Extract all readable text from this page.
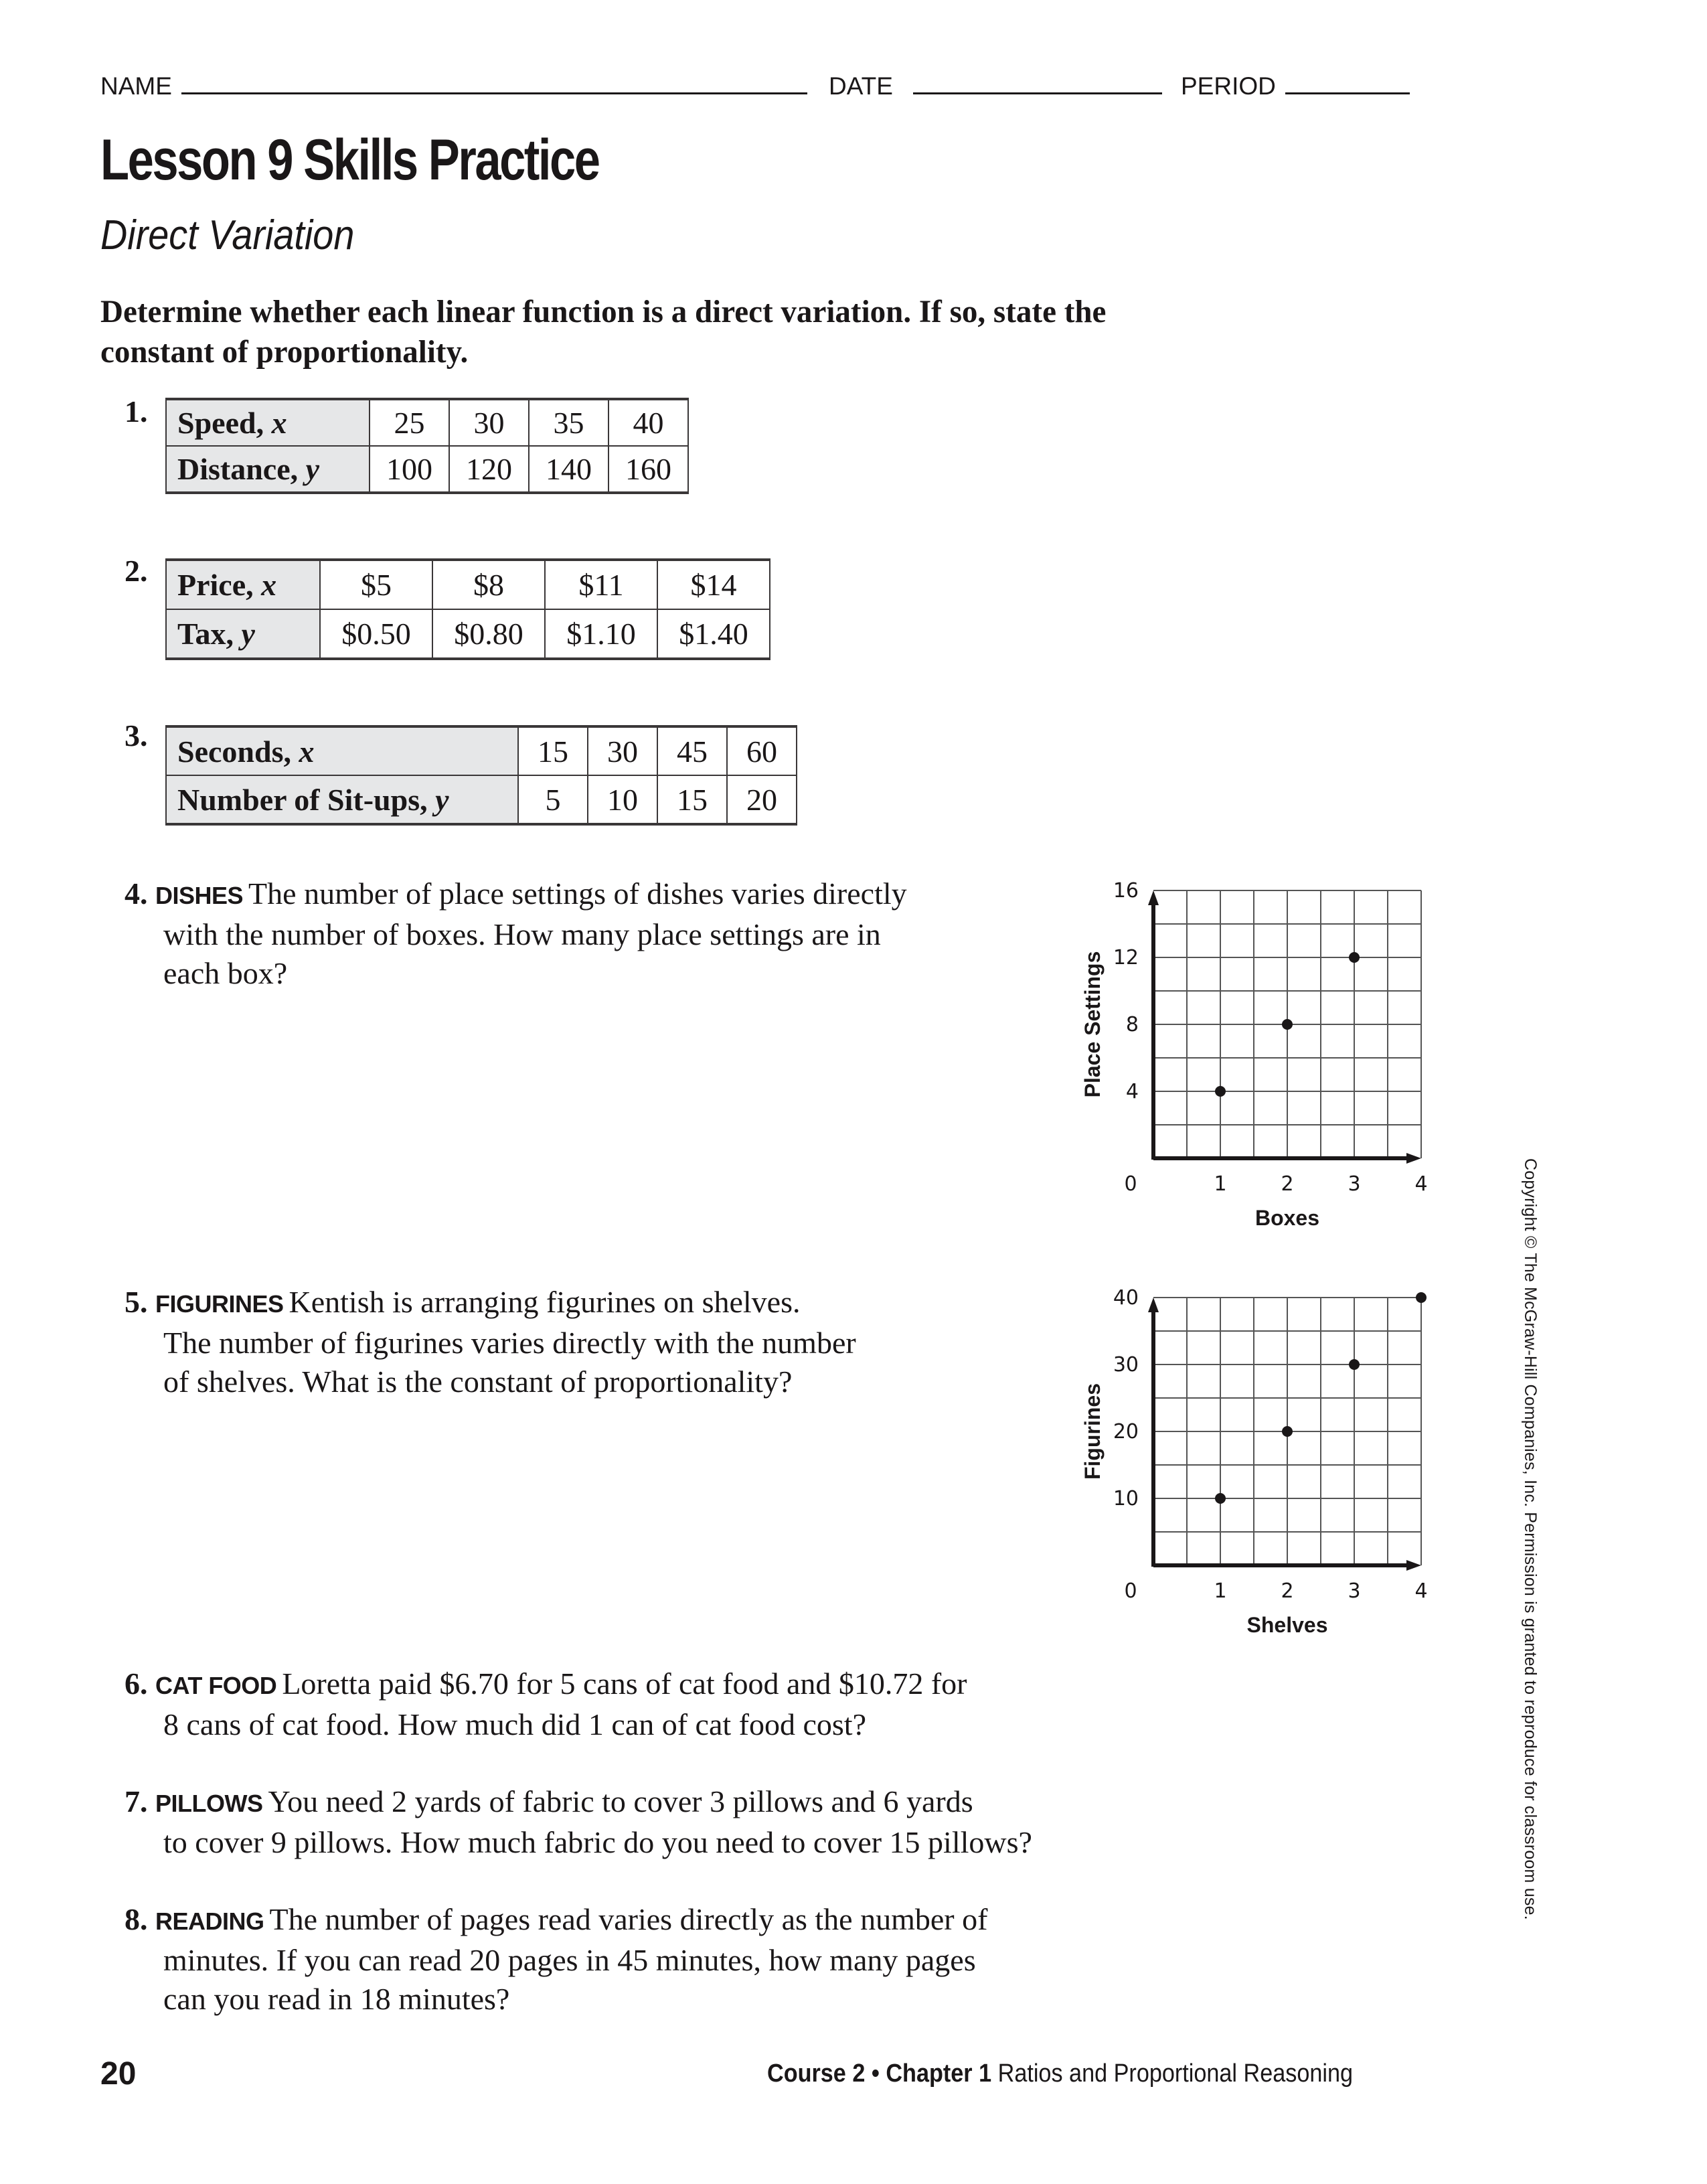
NAME	DATE	PERIOD
Lesson 9 Skills Practice
Direct Variation
Determine whether each linear function is a direct variation. If so, state the constant of proportionality.
1. Speed, x	25	30	35	40
Distance, y	100	120	140	160
2. Price, x	$5	$8	$11	$14
Tax, y	$0.50	$0.80	$1.10	$1.40
3. Seconds, x	15	30	45	60
Number of Sit-ups, y	5	10	15	20
4. DISHES The number of place settings of dishes varies directly
with the number of boxes. How many place settings are in
each box?
5. FIGURINES Kentish is arranging figurines on shelves.
The number of figurines varies directly with the number
of shelves. What is the constant of proportionality?
6. CAT FOOD Loretta paid $6.70 for 5 cans of cat food and $10.72 for
8 cans of cat food. How much did 1 can of cat food cost?
7. PILLOWS You need 2 yards of fabric to cover 3 pillows and 6 yards
to cover 9 pillows. How much fabric do you need to cover 15 pillows?
8. READING The number of pages read varies directly as the number of
minutes. If you can read 20 pages in 45 minutes, how many pages
can you read in 18 minutes?
0	1	2	3	4
4
8
12
16
Boxes
Place Settings
0	1	2	3	4
10
20
30
40
Shelves
Figurines
20	Course 2 • Chapter 1 Ratios and Proportional Reasoning
Copyright © The McGraw-Hill Companies, Inc. Permission is granted to reproduce for classroom use.
